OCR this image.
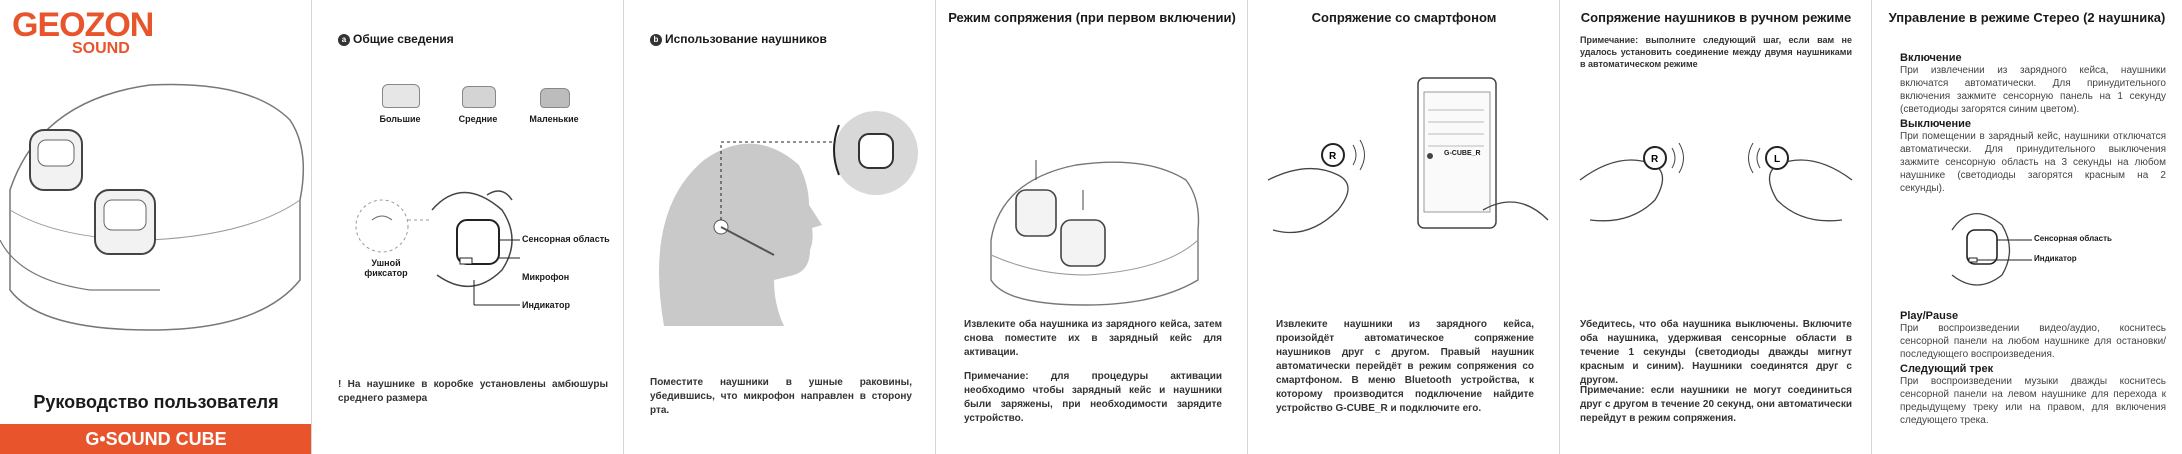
GEOZON
SOUND
Руководство пользователя
G•SOUND CUBE
a Общие сведения
Большие	Средние	Маленькие
Ушной фиксатор
Сенсорная область
Микрофон
Индикатор
! На наушнике в коробке установлены амбюшуры среднего размера
b Использование наушников
Поместите наушники в ушные раковины, убедившись, что микрофон направлен в сторону рта.
Режим сопряжения (при первом включении)
Извлеките оба наушника из зарядного кейса, затем снова поместите их в зарядный кейс для активации.
Примечание: для процедуры активации необходимо чтобы зарядный кейс и наушники были заряжены, при необходимости зарядите устройство.
Сопряжение со смартфоном
R	G-CUBE_R
Извлеките наушники из зарядного кейса, произойдёт автоматическое сопряжение наушников друг с другом. Правый наушник автоматически перейдёт в режим сопряжения со смартфоном. В меню Bluetooth устройства, к которому производится подключение найдите устройство G-CUBE_R и подключите его.
Сопряжение наушников в ручном режиме
Примечание: выполните следующий шаг, если вам не удалось установить соединение между двумя наушниками в автоматическом режиме
R	L
Убедитесь, что оба наушника выключены. Включите оба наушника, удерживая сенсорные области в течение 1 секунды (светодиоды дважды мигнут красным и синим). Наушники соединятся друг с другом.
Примечание: если наушники не могут соединиться друг с другом в течение 20 секунд, они автоматически перейдут в режим сопряжения.
Управление в режиме Стерео (2 наушника)
Включение
При извлечении из зарядного кейса, наушники включатся автоматически. Для принудительного включения зажмите сенсорную панель на 1 секунду (светодиоды загорятся синим цветом).
Выключение
При помещении в зарядный кейс, наушники отключатся автоматически. Для принудительного выключения зажмите сенсорную область на 3 секунды на любом наушнике (светодиоды загорятся красным на 2 секунды).
Сенсорная область
Индикатор
Play/Pause
При воспроизведении видео/аудио, коснитесь сенсорной панели на любом наушнике для остановки/последующего воспроизведения.
Следующий трек
При воспроизведении музыки дважды коснитесь сенсорной панели на левом наушнике для перехода к предыдущему треку или на правом, для включения следующего трека.
